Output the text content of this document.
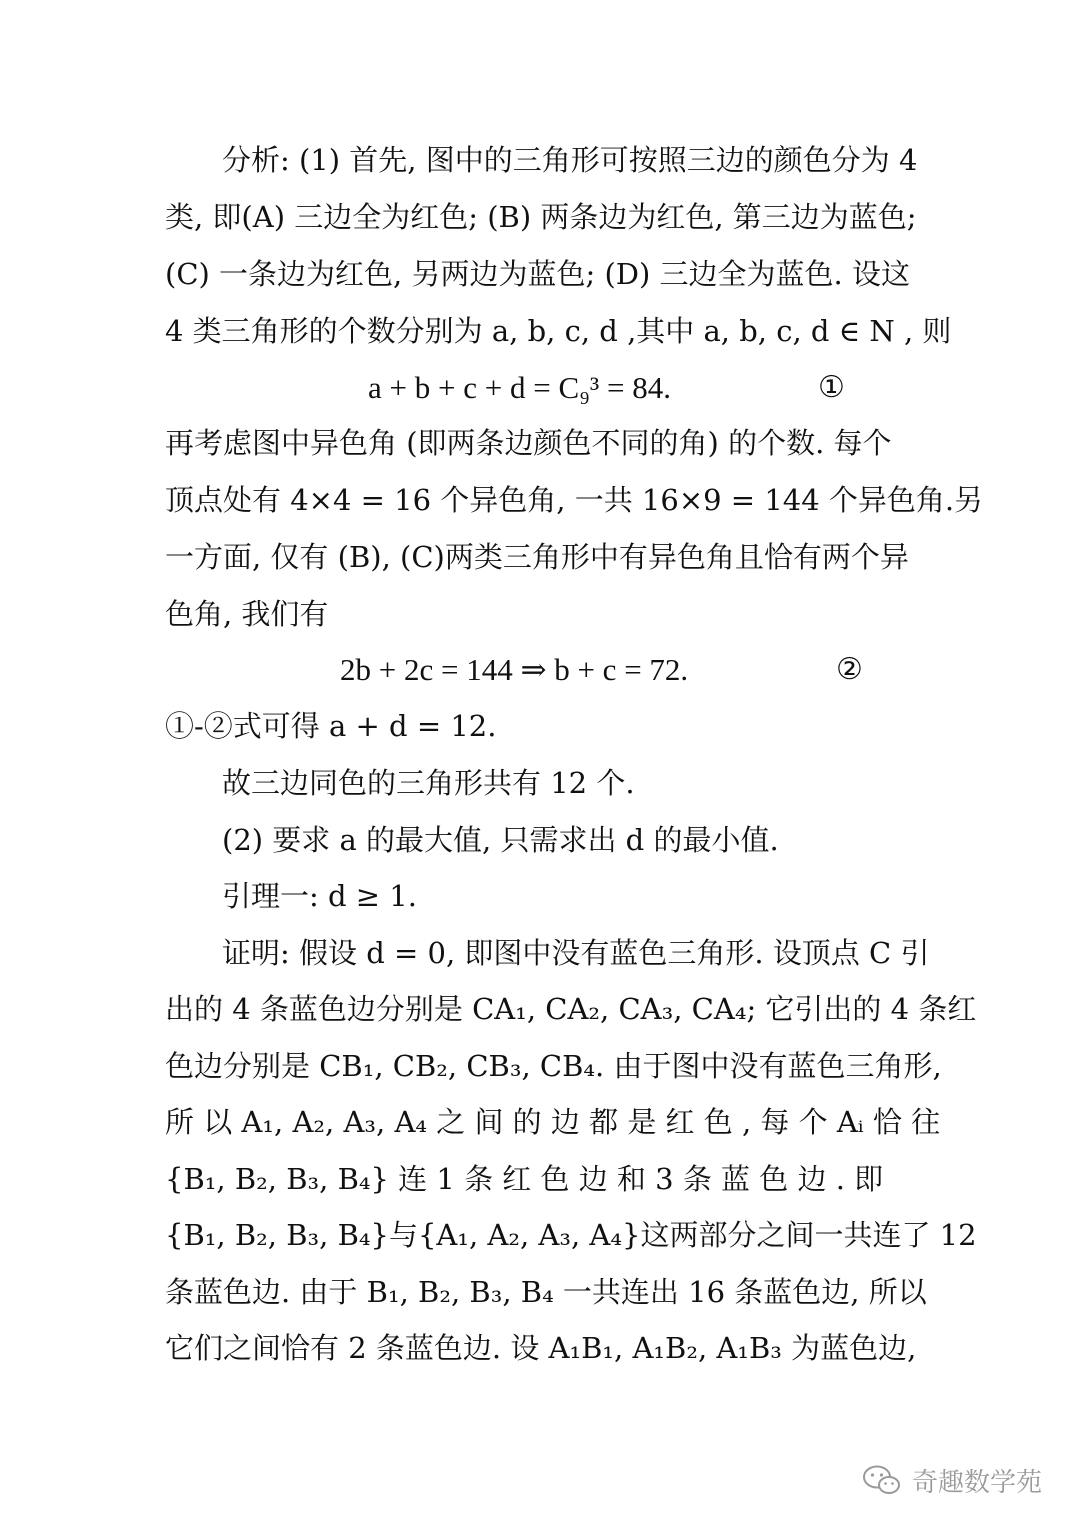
分析: (1) 首先, 图中的三角形可按照三边的颜色分为 4

类, 即(A) 三边全为红色; (B) 两条边为红色, 第三边为蓝色;

(C) 一条边为红色, 另两边为蓝色; (D) 三边全为蓝色. 设这

4 类三角形的个数分别为 a, b, c, d ,其中 a, b, c, d ∈ N , 则

a + b + c + d = C₉³ = 84.	①

再考虑图中异色角 (即两条边颜色不同的角) 的个数. 每个

顶点处有 4×4 = 16 个异色角, 一共 16×9 = 144 个异色角.另

一方面, 仅有 (B), (C)两类三角形中有异色角且恰有两个异

色角, 我们有

2b + 2c = 144 ⇒ b + c = 72.	②

①-②式可得 a + d = 12.

故三边同色的三角形共有 12 个.

(2) 要求 a 的最大值, 只需求出 d 的最小值.

引理一: d ≥ 1.

证明: 假设 d = 0, 即图中没有蓝色三角形. 设顶点 C 引

出的 4 条蓝色边分别是 CA₁, CA₂, CA₃, CA₄; 它引出的 4 条红

色边分别是 CB₁, CB₂, CB₃, CB₄. 由于图中没有蓝色三角形,

所 以 A₁, A₂, A₃, A₄ 之 间 的 边 都 是 红 色 , 每 个 Aᵢ 恰 往

{B₁, B₂, B₃, B₄} 连 1 条 红 色 边 和 3 条 蓝 色 边 . 即

{B₁, B₂, B₃, B₄}与{A₁, A₂, A₃, A₄}这两部分之间一共连了 12

条蓝色边. 由于 B₁, B₂, B₃, B₄ 一共连出 16 条蓝色边, 所以

它们之间恰有 2 条蓝色边. 设 A₁B₁, A₁B₂, A₁B₃ 为蓝色边,

奇趣数学苑
